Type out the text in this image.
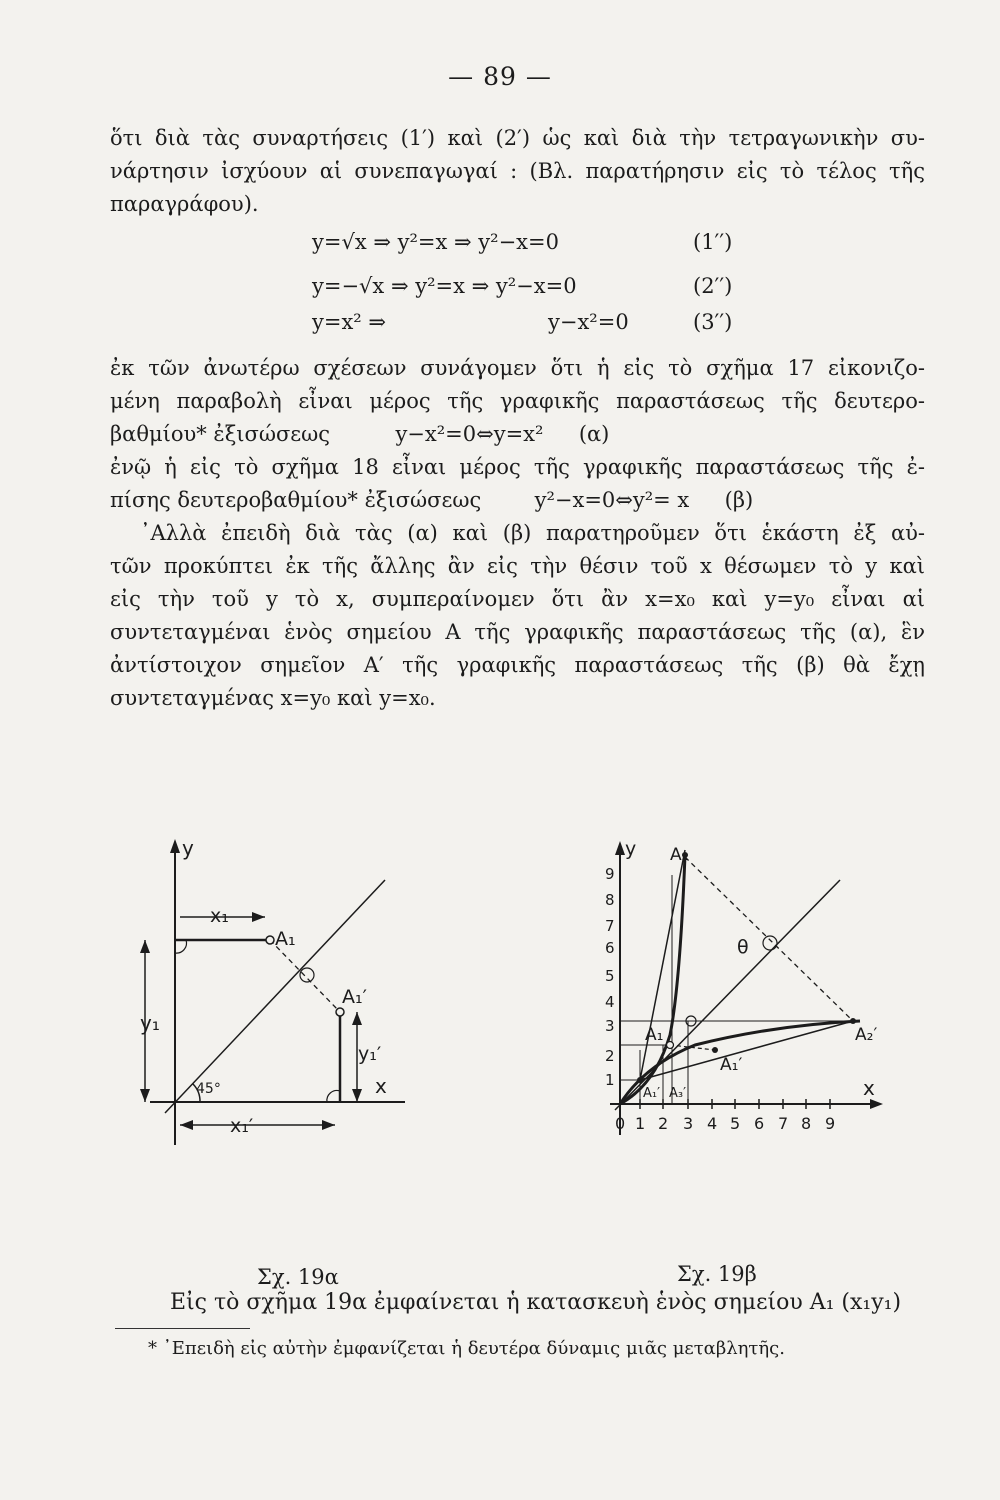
— 89 —
ὅτι διὰ τὰς συναρτήσεις (1′) καὶ (2′) ὡς καὶ διὰ τὴν τετραγωνικὴν συ-
νάρτησιν ἰσχύουν αἱ συνεπαγωγαί : (Βλ. παρατήρησιν εἰς τὸ τέλος τῆς
παραγράφου).
y=√x ⇒ y²=x ⇒ y²−x=0	(1′′)
y=−√x ⇒ y²=x ⇒ y²−x=0	(2′′)
y=x² ⇒	y−x²=0	(3′′)
ἐκ τῶν ἀνωτέρω σχέσεων συνάγομεν ὅτι ἡ εἰς τὸ σχῆμα 17 εἰκονιζο-
μένη παραβολὴ εἶναι μέρος τῆς γραφικῆς παραστάσεως τῆς δευτερο-
βαθμίου* ἐξισώσεως	y−x²=0⇔y=x² (α)
ἐνῷ ἡ εἰς τὸ σχῆμα 18 εἶναι μέρος τῆς γραφικῆς παραστάσεως τῆς ἐ-
πίσης δευτεροβαθμίου* ἐξισώσεως	y²−x=0⇔y²= x (β)
᾿Αλλὰ ἐπειδὴ διὰ τὰς (α) καὶ (β) παρατηροῦμεν ὅτι ἑκάστη ἐξ αὐ-
τῶν προκύπτει ἐκ τῆς ἄλλης ἂν εἰς τὴν θέσιν τοῦ x θέσωμεν τὸ y καὶ
εἰς τὴν τοῦ y τὸ x, συμπεραίνομεν ὅτι ἂν x=x₀ καὶ y=y₀ εἶναι αἱ
συντεταγμέναι ἑνὸς σημείου Α τῆς γραφικῆς παραστάσεως τῆς (α), ἓν
ἀντίστοιχον σημεῖον Α′ τῆς γραφικῆς παραστάσεως τῆς (β) θὰ ἔχῃ
συντεταγμένας x=y₀ καὶ y=x₀.
y
x
x₁
y₁
A₁
A₁′
y₁′
x₁′
45°
Σχ. 19α
y
x
θ
A₁
A₂
A₂′
A₁′
A₁′ A₃′
1
2
3
4
5
6
7
8
9
0 1 2 3 4 5 6 7 8 9
Σχ. 19β
Εἰς τὸ σχῆμα 19α ἐμφαίνεται ἡ κατασκευὴ ἑνὸς σημείου Α₁ (x₁y₁)
* ᾿Επειδὴ εἰς αὐτὴν ἐμφανίζεται ἡ δευτέρα δύναμις μιᾶς μεταβλητῆς.
